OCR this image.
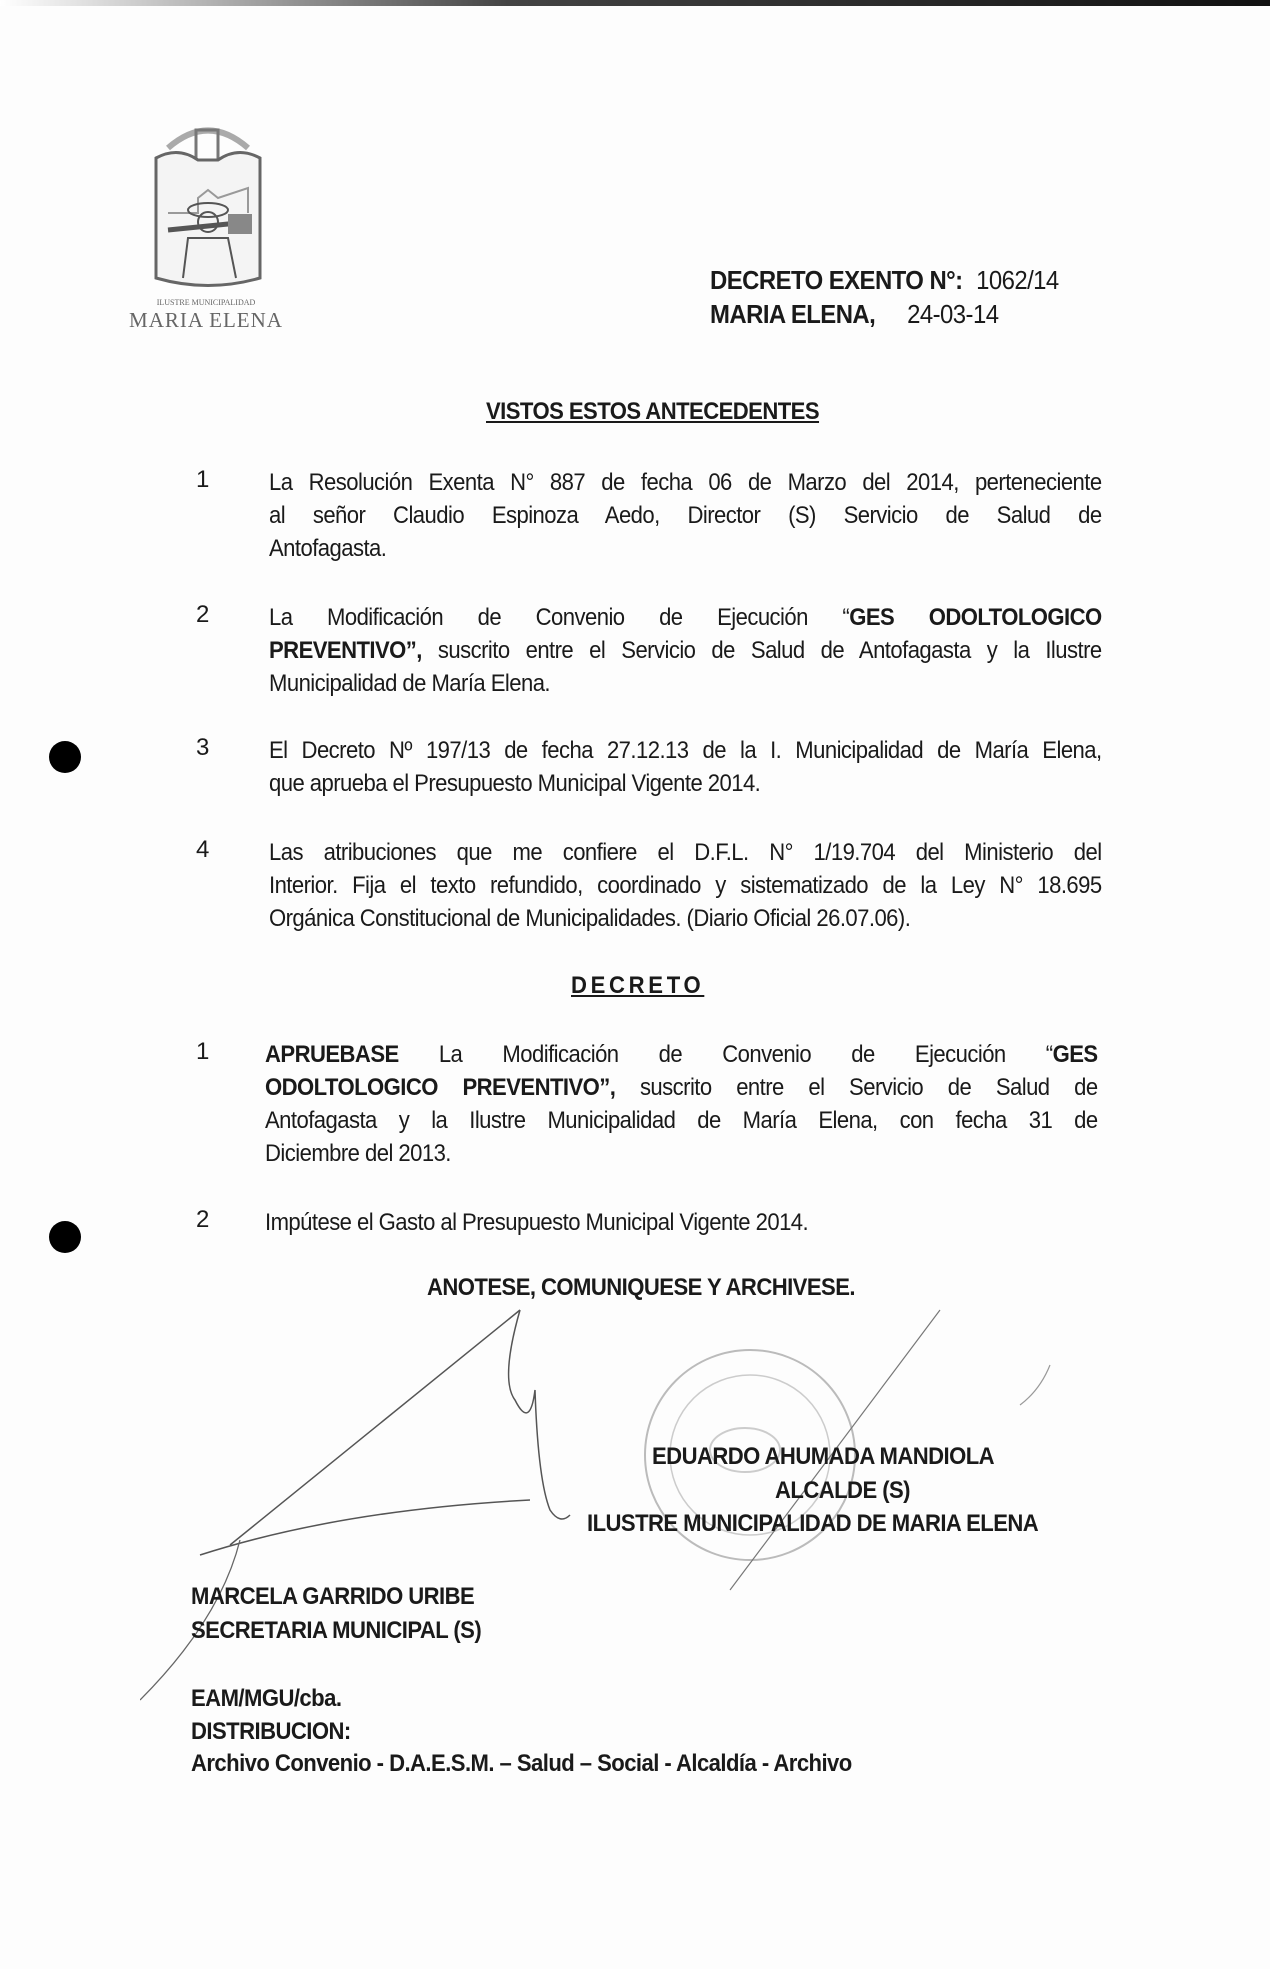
ILUSTRE MUNICIPALIDAD
MARIA ELENA
DECRETO EXENTO N°: 1062/14
MARIA ELENA, 24-03-14
VISTOS ESTOS ANTECEDENTES
1 La Resolución Exenta N° 887 de fecha 06 de Marzo del 2014, perteneciente
al señor Claudio Espinoza Aedo, Director (S) Servicio de Salud de
Antofagasta.
2 La Modificación de Convenio de Ejecución “GES ODOLTOLOGICO
PREVENTIVO”, suscrito entre el Servicio de Salud de Antofagasta y la Ilustre
Municipalidad de María Elena.
3 El Decreto Nº 197/13 de fecha 27.12.13 de la I. Municipalidad de María Elena,
que aprueba el Presupuesto Municipal Vigente 2014.
4 Las atribuciones que me confiere el D.F.L. N° 1/19.704 del Ministerio del
Interior. Fija el texto refundido, coordinado y sistematizado de la Ley N° 18.695
Orgánica Constitucional de Municipalidades. (Diario Oficial 26.07.06).
DECRETO
1 APRUEBASE La Modificación de Convenio de Ejecución “GES
ODOLTOLOGICO PREVENTIVO”, suscrito entre el Servicio de Salud de
Antofagasta y la Ilustre Municipalidad de María Elena, con fecha 31 de
Diciembre del 2013.
2 Impútese el Gasto al Presupuesto Municipal Vigente 2014.
ANOTESE, COMUNIQUESE Y ARCHIVESE.
EDUARDO AHUMADA MANDIOLA
ALCALDE (S)
ILUSTRE MUNICIPALIDAD DE MARIA ELENA
MARCELA GARRIDO URIBE
SECRETARIA MUNICIPAL (S)
EAM/MGU/cba.
DISTRIBUCION:
Archivo Convenio - D.A.E.S.M. – Salud – Social - Alcaldía - Archivo
